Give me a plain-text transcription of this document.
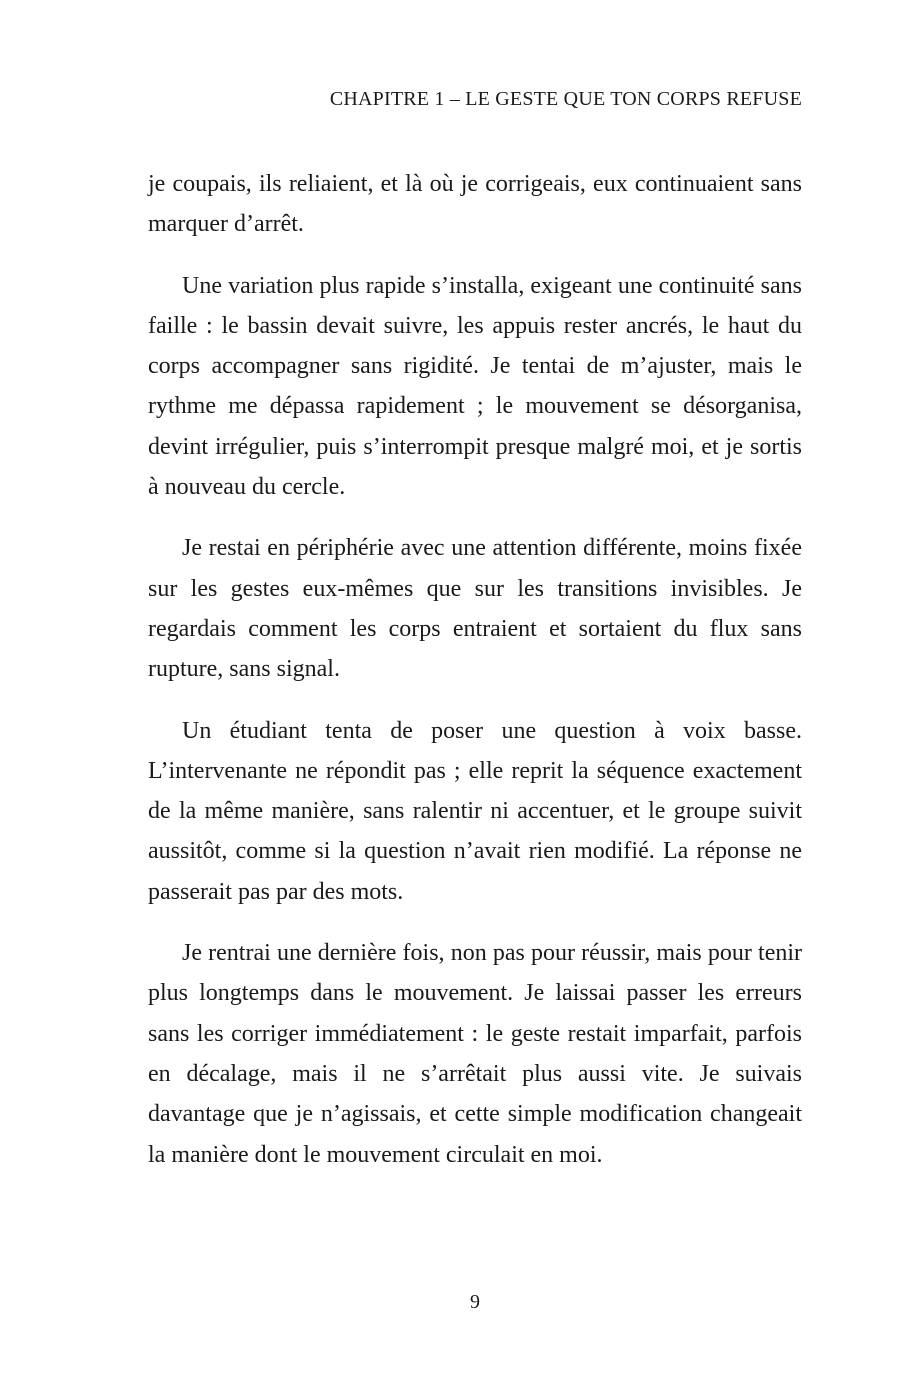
CHAPITRE 1 – LE GESTE QUE TON CORPS REFUSE

je coupais, ils reliaient, et là où je corrigeais, eux continuaient sans marquer d’arrêt.

Une variation plus rapide s’installa, exigeant une continuité sans faille : le bassin devait suivre, les appuis rester ancrés, le haut du corps accompagner sans rigidité. Je tentai de m’ajuster, mais le rythme me dépassa rapidement ; le mouvement se désorganisa, devint irrégulier, puis s’interrompit presque malgré moi, et je sortis à nouveau du cercle.

Je restai en périphérie avec une attention différente, moins fixée sur les gestes eux-mêmes que sur les transitions invisibles. Je regardais comment les corps entraient et sortaient du flux sans rupture, sans signal.

Un étudiant tenta de poser une question à voix basse. L’intervenante ne répondit pas ; elle reprit la séquence exactement de la même manière, sans ralentir ni accentuer, et le groupe suivit aussitôt, comme si la question n’avait rien modifié. La réponse ne passerait pas par des mots.

Je rentrai une dernière fois, non pas pour réussir, mais pour tenir plus longtemps dans le mouvement. Je laissai passer les erreurs sans les corriger immédiatement : le geste restait imparfait, parfois en décalage, mais il ne s’arrêtait plus aussi vite. Je suivais davantage que je n’agissais, et cette simple modification changeait la manière dont le mouvement circulait en moi.

9
